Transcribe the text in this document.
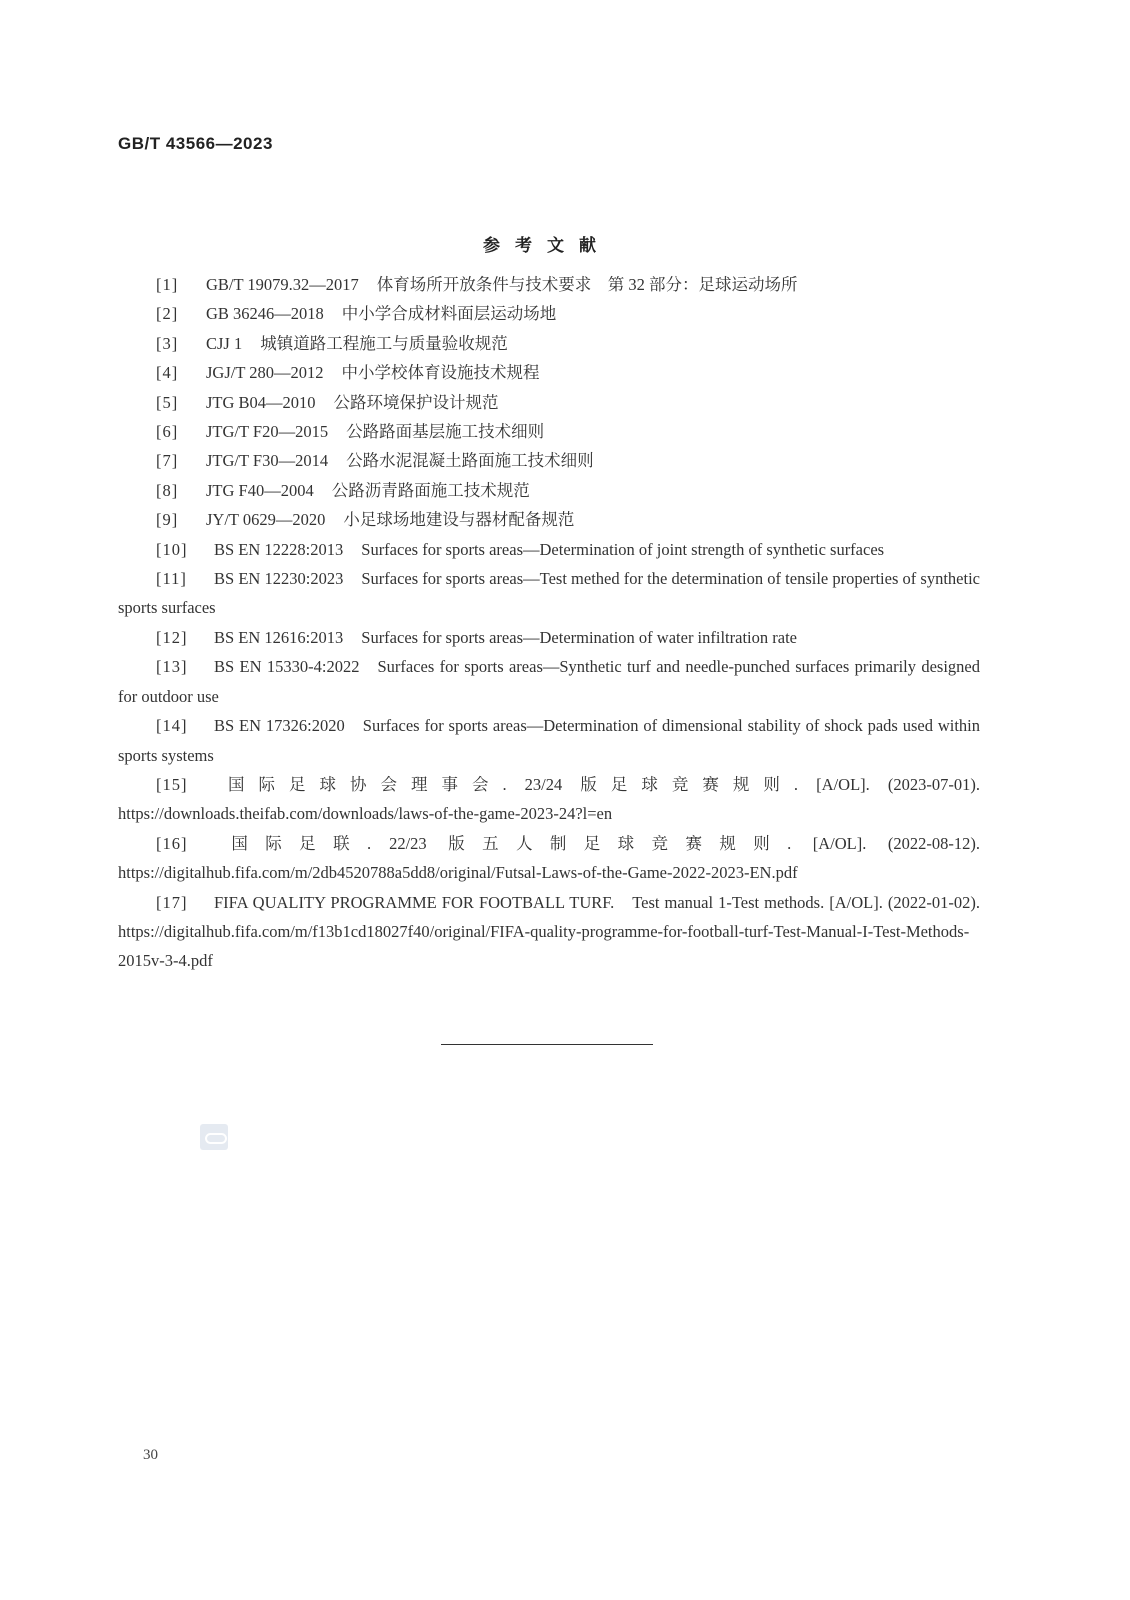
GB/T 43566—2023
参考文献

[1] GB/T 19079.32—2017 体育场所开放条件与技术要求　第 32 部分：足球运动场所

[2] GB 36246—2018 中小学合成材料面层运动场地

[3] CJJ 1 城镇道路工程施工与质量验收规范

[4] JGJ/T 280—2012 中小学校体育设施技术规程

[5] JTG B04—2010 公路环境保护设计规范

[6] JTG/T F20—2015 公路路面基层施工技术细则

[7] JTG/T F30—2014 公路水泥混凝土路面施工技术细则

[8] JTG F40—2004 公路沥青路面施工技术规范

[9] JY/T 0629—2020 小足球场地建设与器材配备规范

[10] BS EN 12228:2013 Surfaces for sports areas—Determination of joint strength of synthetic surfaces

[11] BS EN 12230:2023 Surfaces for sports areas—Test methed for the determination of tensile properties of synthetic sports surfaces

[12] BS EN 12616:2013 Surfaces for sports areas—Determination of water infiltration rate

[13] BS EN 15330-4:2022 Surfaces for sports areas—Synthetic turf and needle-punched surfaces primarily designed for outdoor use

[14] BS EN 17326:2020 Surfaces for sports areas—Determination of dimensional stability of shock pads used within sports systems

[15] 国际足球协会理事会. 23/24 版足球竞赛规则. [A/OL]. (2023-07-01). https://downloads.theifab.com/downloads/laws-of-the-game-2023-24?l=en

[16] 国际足联. 22/23 版五人制足球竞赛规则. [A/OL]. (2022-08-12). https://digitalhub.fifa.com/m/2db4520788a5dd8/original/Futsal-Laws-of-the-Game-2022-2023-EN.pdf

[17] FIFA QUALITY PROGRAMME FOR FOOTBALL TURF. Test manual 1-Test methods. [A/OL]. (2022-01-02). https://digitalhub.fifa.com/m/f13b1cd18027f40/original/FIFA-quality-programme-for-football-turf-Test-Manual-I-Test-Methods-2015v-3-4.pdf

30
